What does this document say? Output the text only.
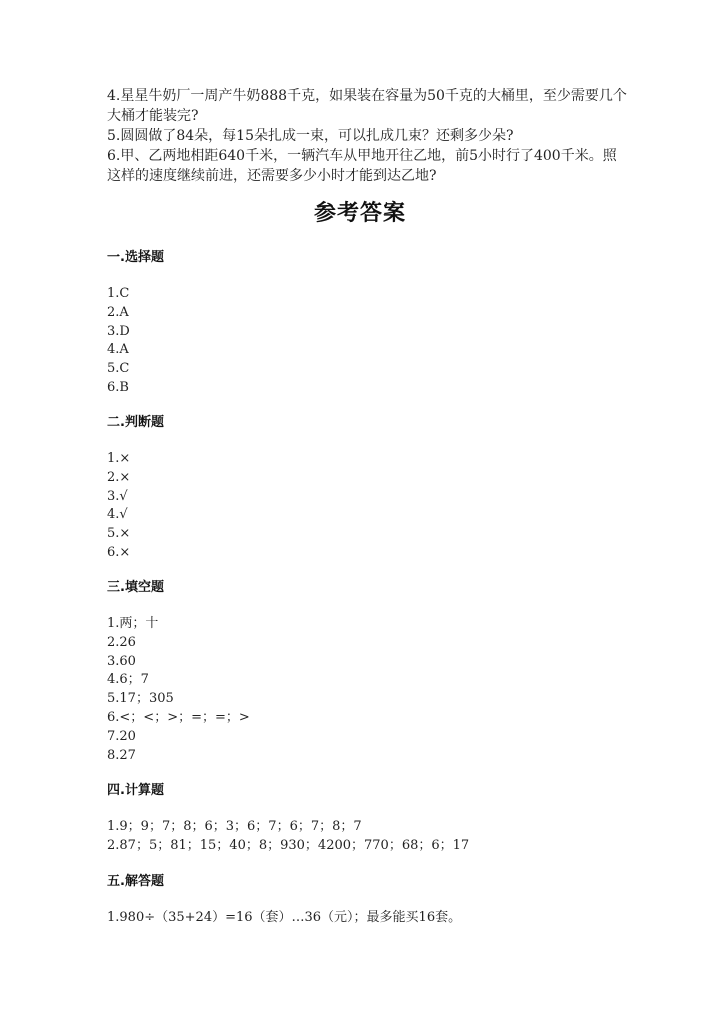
4.星星牛奶厂一周产牛奶888千克，如果装在容量为50千克的大桶里，至少需要几个大桶才能装完?

5.圆圆做了84朵，每15朵扎成一束，可以扎成几束？还剩多少朵?

6.甲、乙两地相距640千米，一辆汽车从甲地开往乙地，前5小时行了400千米。照这样的速度继续前进，还需要多少小时才能到达乙地?

参考答案

一.选择题

1.C
2.A
3.D
4.A
5.C
6.B

二.判断题

1.×
2.×
3.√
4.√
5.×
6.×

三.填空题

1.两；十
2.26
3.60
4.6；7
5.17；305
6.<；<；>；=；=；>
7.20
8.27

四.计算题

1.9；9；7；8；6；3；6；7；6；7；8；7
2.87；5；81；15；40；8；930；4200；770；68；6；17

五.解答题

1.980÷（35+24）=16（套）…36（元）；最多能买16套。
